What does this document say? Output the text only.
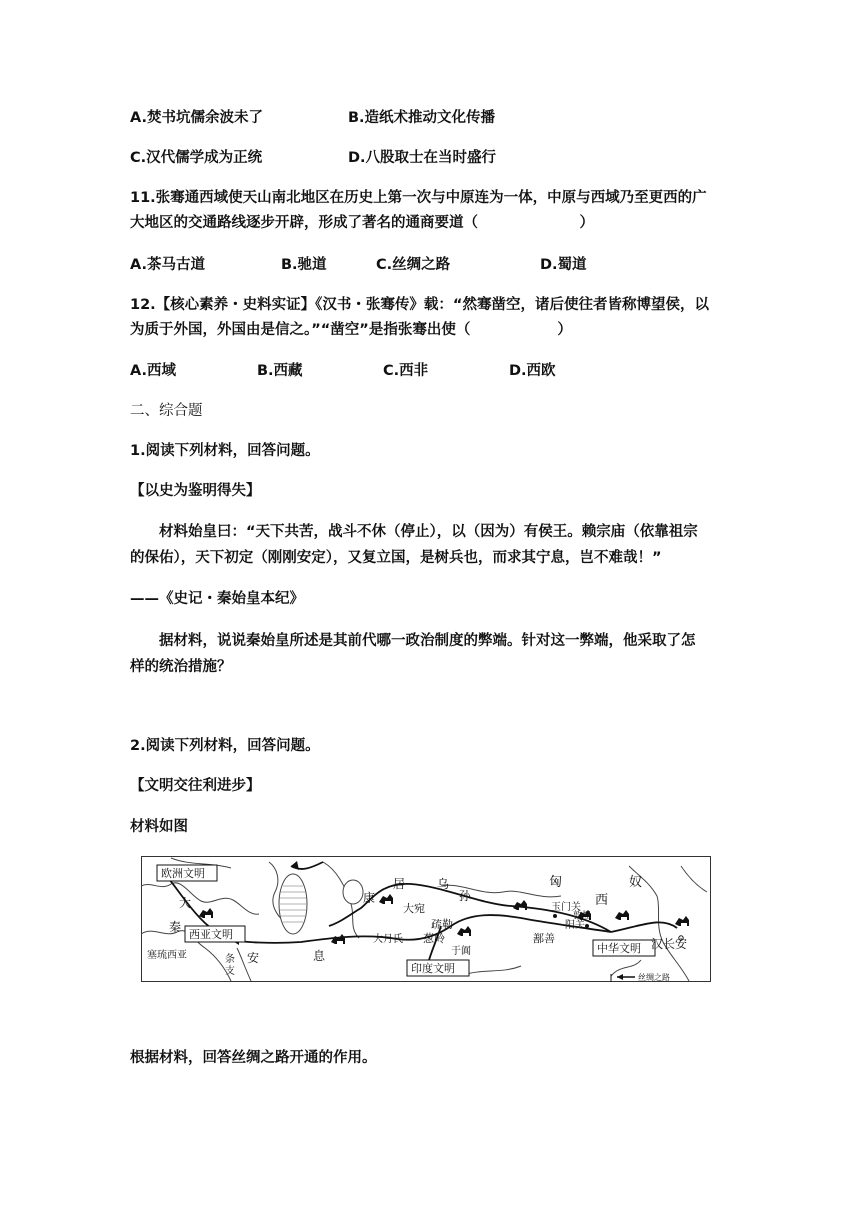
A.焚书坑儒余波未了	B.造纸术推动文化传播
C.汉代儒学成为正统	D.八股取士在当时盛行
11.张骞通西域使天山南北地区在历史上第一次与中原连为一体，中原与西域乃至更西的广
大地区的交通路线逐步开辟，形成了著名的通商要道（　　　　　　　）
A.茶马古道	B.驰道	C.丝绸之路	D.蜀道
12.【核心素养・史料实证】《汉书・张骞传》载：“然骞凿空，诸后使往者皆称博望侯，以
为质于外国，外国由是信之。”“凿空”是指张骞出使（　　　　　　）
A.西域	B.西藏	C.西非	D.西欧
二、综合题
1.阅读下列材料，回答问题。
【以史为鉴明得失】
材料始皇曰：“天下共苦，战斗不休（停止），以（因为）有侯王。赖宗庙（依靠祖宗
的保佑），天下初定（刚刚安定），又复立国，是树兵也，而求其宁息，岂不难哉！”
——《史记・秦始皇本纪》
据材料，说说秦始皇所述是其前代哪一政治制度的弊端。针对这一弊端，他采取了怎
样的统治措施？
2.阅读下列材料，回答问题。
【文明交往利进步】
材料如图
欧洲文明
西亚文明
印度文明
中华文明
大
秦
塞琉西亚	条
支
安	息
康
居	乌
孙
大宛
疏勒
大月氏 葱岭
于阗
鄯善
阳关
敦煌
玉门关 西
匈	奴
汉长安
丝绸之路
根据材料，回答丝绸之路开通的作用。
